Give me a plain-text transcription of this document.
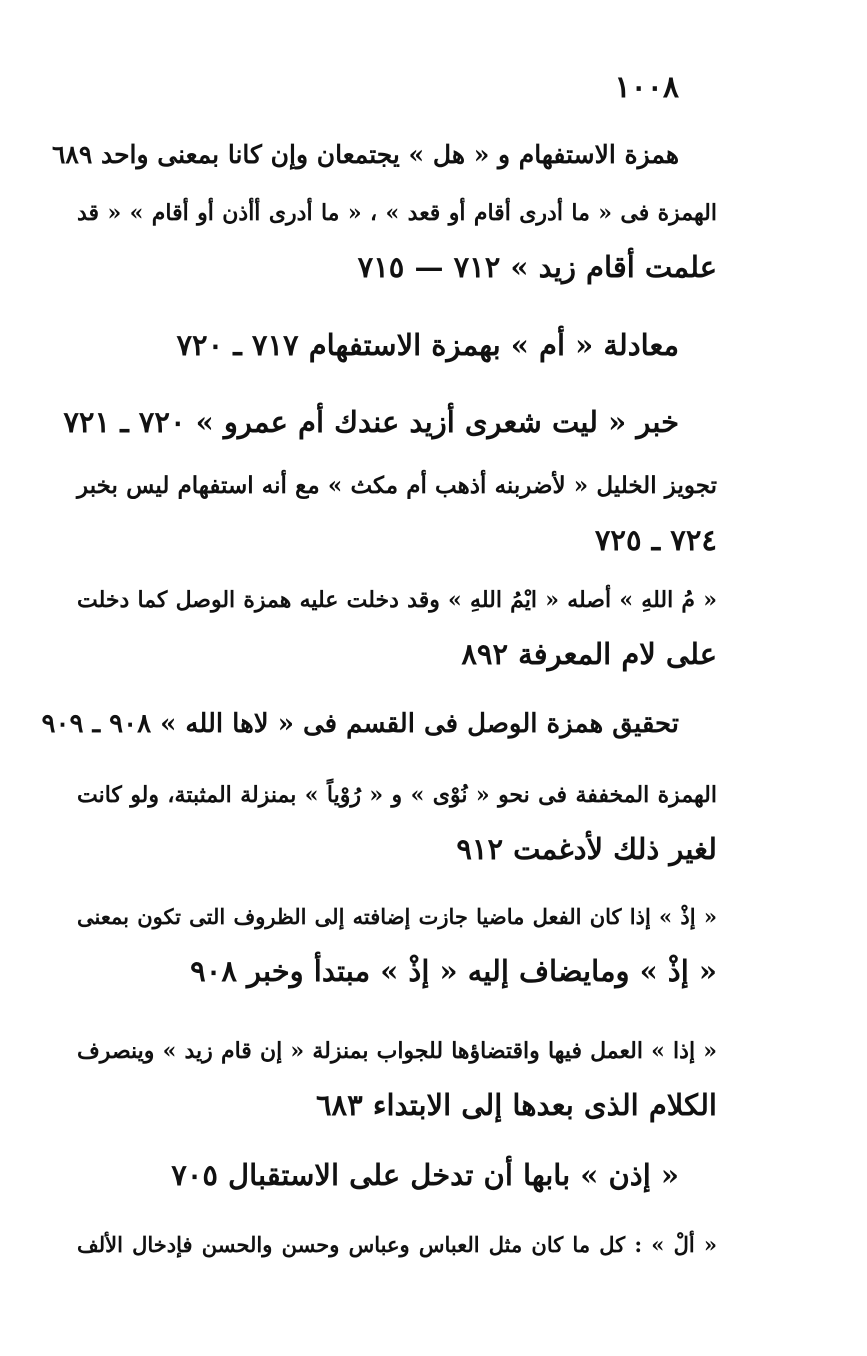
١٠٠٨
همزة الاستفهام و « هل » يجتمعان وإن كانا بمعنى واحد ٦٨٩
الهمزة فى « ما أدرى أقام أو قعد » ، « ما أدرى أأذن أو أقام » « قد
علمت أقام زيد » ٧١٢ — ٧١٥
معادلة « أم » بهمزة الاستفهام ٧١٧ ـ ٧٢٠
خبر « ليت شعرى أزيد عندك أم عمرو » ٧٢٠ ـ ٧٢١
تجويز الخليل « لأضربنه أذهب أم مكث » مع أنه استفهام ليس بخبر
٧٢٤ ـ ٧٢٥
« مُ اللهِ » أصله « ايْمُ اللهِ » وقد دخلت عليه همزة الوصل كما دخلت
على لام المعرفة ٨٩٢
تحقيق همزة الوصل فى القسم فى « لاها الله » ٩٠٨ ـ ٩٠٩
الهمزة المخففة فى نحو « نُوْى » و « رُوْياً » بمنزلة المثبتة، ولو كانت
لغير ذلك لأدغمت ٩١٢
« إذْ » إذا كان الفعل ماضيا جازت إضافته إلى الظروف التى تكون بمعنى
« إذْ » ومايضاف إليه « إذْ » مبتدأ وخبر ٩٠٨
« إذا » العمل فيها واقتضاؤها للجواب بمنزلة « إن قام زيد » وينصرف
الكلام الذى بعدها إلى الابتداء ٦٨٣
« إذن » بابها أن تدخل على الاستقبال ٧٠٥
« ألْ » : كل ما كان مثل العباس وعباس وحسن والحسن فإدخال الألف
